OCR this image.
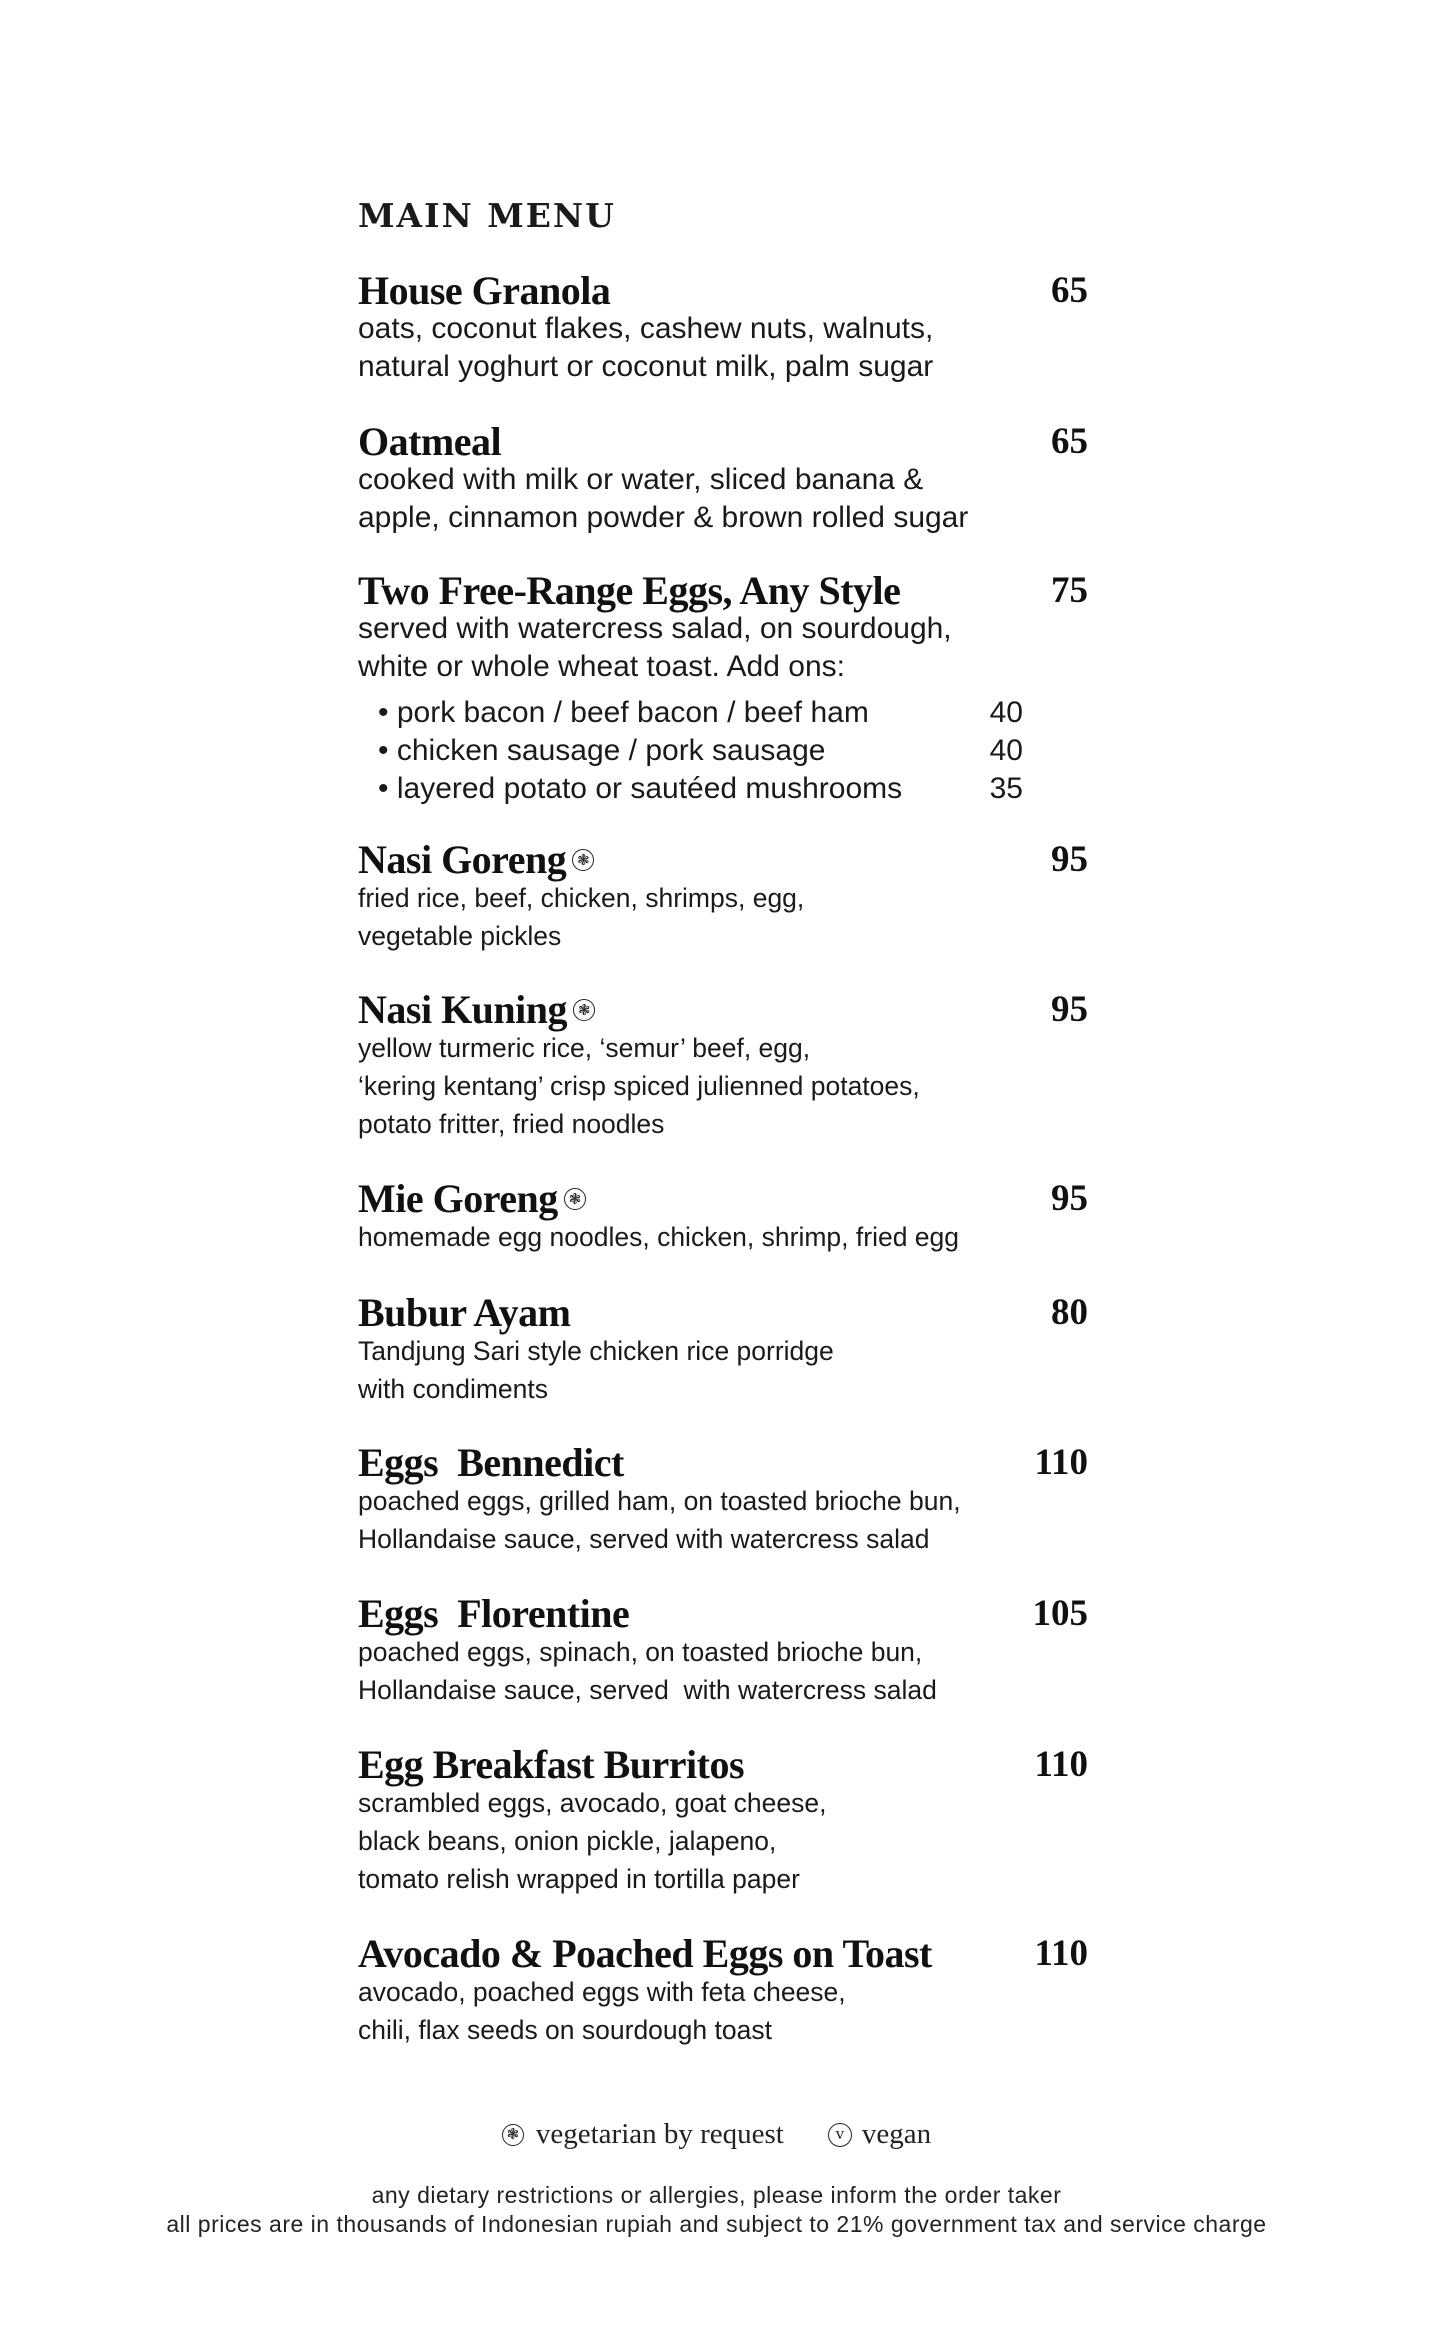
MAIN MENU
House Granola	65
oats, coconut flakes, cashew nuts, walnuts,
natural yoghurt or coconut milk, palm sugar
Oatmeal	65
cooked with milk or water, sliced banana &
apple, cinnamon powder & brown rolled sugar
Two Free-Range Eggs, Any Style	75
served with watercress salad, on sourdough,
white or whole wheat toast. Add ons:
• pork bacon / beef bacon / beef ham	40
• chicken sausage / pork sausage	40
• layered potato or sautéed mushrooms	35
Nasi Goreng ❃	95
fried rice, beef, chicken, shrimps, egg,
vegetable pickles
Nasi Kuning ❃	95
yellow turmeric rice, ‘semur’ beef, egg,
‘kering kentang’ crisp spiced julienned potatoes,
potato fritter, fried noodles
Mie Goreng ❃	95
homemade egg noodles, chicken, shrimp, fried egg
Bubur Ayam	80
Tandjung Sari style chicken rice porridge
with condiments
Eggs  Bennedict	110
poached eggs, grilled ham, on toasted brioche bun,
Hollandaise sauce, served with watercress salad
Eggs  Florentine	105
poached eggs, spinach, on toasted brioche bun,
Hollandaise sauce, served  with watercress salad
Egg Breakfast Burritos	110
scrambled eggs, avocado, goat cheese,
black beans, onion pickle, jalapeno,
tomato relish wrapped in tortilla paper
Avocado & Poached Eggs on Toast	110
avocado, poached eggs with feta cheese,
chili, flax seeds on sourdough toast
❃ vegetarian by request	v vegan
any dietary restrictions or allergies, please inform the order taker
all prices are in thousands of Indonesian rupiah and subject to 21% government tax and service charge
